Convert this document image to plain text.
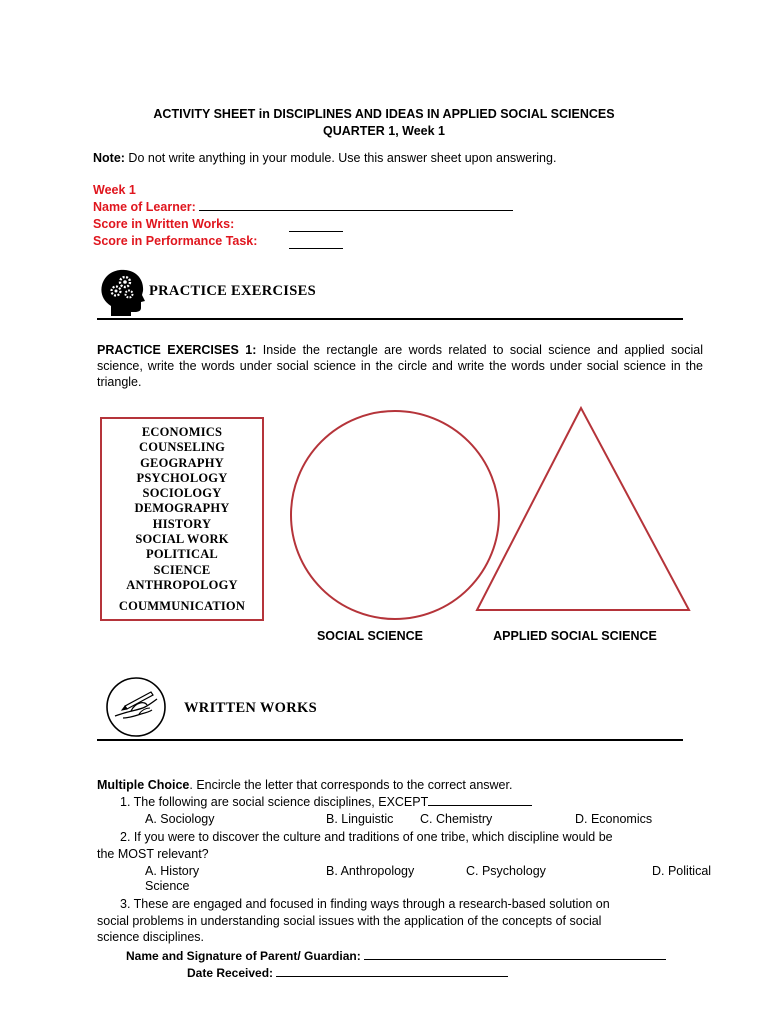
ACTIVITY SHEET in DISCIPLINES AND IDEAS IN APPLIED SOCIAL SCIENCES
QUARTER 1, Week 1
Note: Do not write anything in your module. Use this answer sheet upon answering.
Week 1
Name of Learner:
Score in Written Works:
Score in Performance Task:
PRACTICE EXERCISES
PRACTICE EXERCISES 1: Inside the rectangle are words related to social science and applied social science, write the words under social science in the circle and write the words under social science in the triangle.
ECONOMICS
COUNSELING
GEOGRAPHY
PSYCHOLOGY
SOCIOLOGY
DEMOGRAPHY
HISTORY
SOCIAL WORK
POLITICAL
SCIENCE
ANTHROPOLOGY
COUMMUNICATION
SOCIAL SCIENCE	APPLIED SOCIAL SCIENCE
WRITTEN WORKS
Multiple Choice. Encircle the letter that corresponds to the correct answer.
1. The following are social science disciplines, EXCEPT
A. Sociology	B. Linguistic C. Chemistry	D. Economics
2. If you were to discover the culture and traditions of one tribe, which discipline would be
the MOST relevant?
A. History	B. Anthropology	C. Psychology	D. Political
Science
3. These are engaged and focused in finding ways through a research-based solution on
social problems in understanding social issues with the application of the concepts of social
science disciplines.
Name and Signature of Parent/ Guardian:
Date Received:
